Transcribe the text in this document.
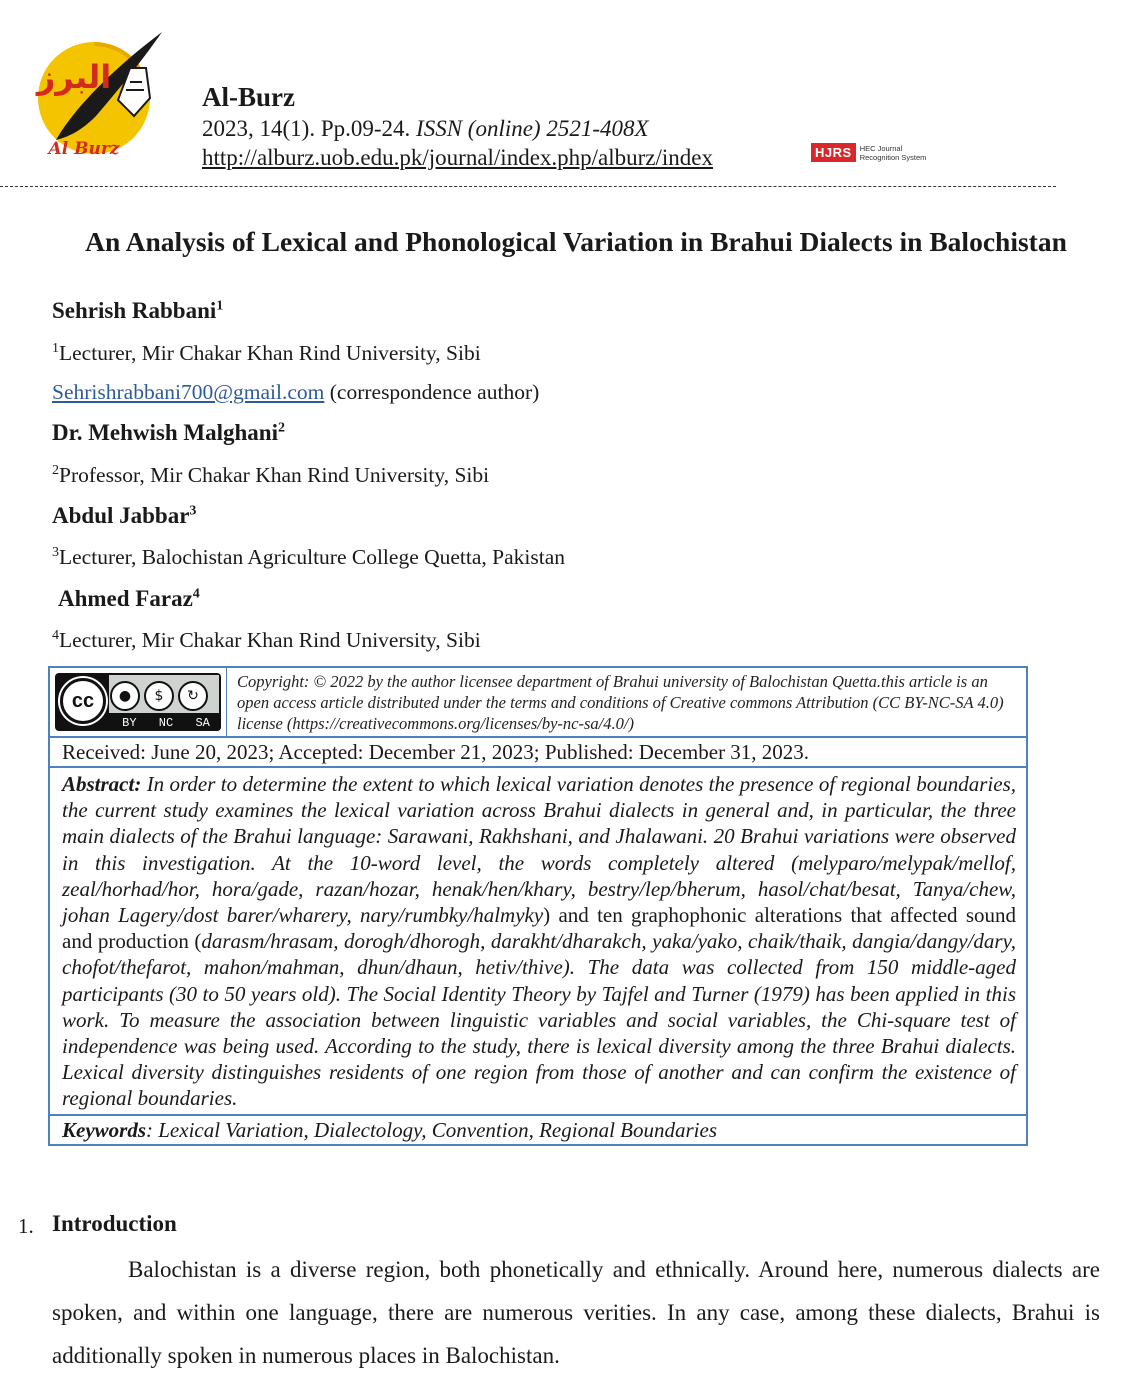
البرز
Al Burz
Al-Burz
2023, 14(1). Pp.09-24. ISSN (online) 2521-408X
http://alburz.uob.edu.pk/journal/index.php/alburz/index	HJRS	HEC Journal
Recognition System
An Analysis of Lexical and Phonological Variation in Brahui Dialects in Balochistan
Sehrish Rabbani$^1$
$^1$Lecturer, Mir Chakar Khan Rind University, Sibi
Sehrishrabbani700@gmail.com (correspondence author)
Dr. Mehwish Malghani$^2$
$^2$Professor, Mir Chakar Khan Rind University, Sibi
Abdul Jabbar$^3$
$^3$Lecturer, Balochistan Agriculture College Quetta, Pakistan
Ahmed Faraz$^4$
$^4$Lecturer, Mir Chakar Khan Rind University, Sibi
cc	●	$	↻
BY NC SA
Copyright: © 2022 by the author licensee department of Brahui university of Balochistan Quetta.this article is an open access article distributed under the terms and conditions of Creative commons Attribution (CC BY-NC-SA 4.0) license (https://creativecommons.org/licenses/by-nc-sa/4.0/)
Received: June 20, 2023; Accepted: December 21, 2023; Published: December 31, 2023.
Abstract: In order to determine the extent to which lexical variation denotes the presence of regional boundaries, the current study examines the lexical variation across Brahui dialects in general and, in particular, the three main dialects of the Brahui language: Sarawani, Rakhshani, and Jhalawani. 20 Brahui variations were observed in this investigation. At the 10-word level, the words completely altered (melyparo/melypak/mellof, zeal/horhad/hor, hora/gade, razan/hozar, henak/hen/khary, bestry/lep/bherum, hasol/chat/besat, Tanya/chew, johan Lagery/dost barer/wharery, nary/rumbky/halmyky) and ten graphophonic alterations that affected sound and production (darasm/hrasam, dorogh/dhorogh, darakht/dharakch, yaka/yako, chaik/thaik, dangia/dangy/dary, chofot/thefarot, mahon/mahman, dhun/dhaun, hetiv/thive). The data was collected from 150 middle-aged participants (30 to 50 years old). The Social Identity Theory by Tajfel and Turner (1979) has been applied in this work. To measure the association between linguistic variables and social variables, the Chi-square test of independence was being used. According to the study, there is lexical diversity among the three Brahui dialects. Lexical diversity distinguishes residents of one region from those of another and can confirm the existence of regional boundaries.
Keywords: Lexical Variation, Dialectology, Convention, Regional Boundaries
1. Introduction
Balochistan is a diverse region, both phonetically and ethnically. Around here, numerous dialects are spoken, and within one language, there are numerous verities. In any case, among these dialects, Brahui is additionally spoken in numerous places in Balochistan.
